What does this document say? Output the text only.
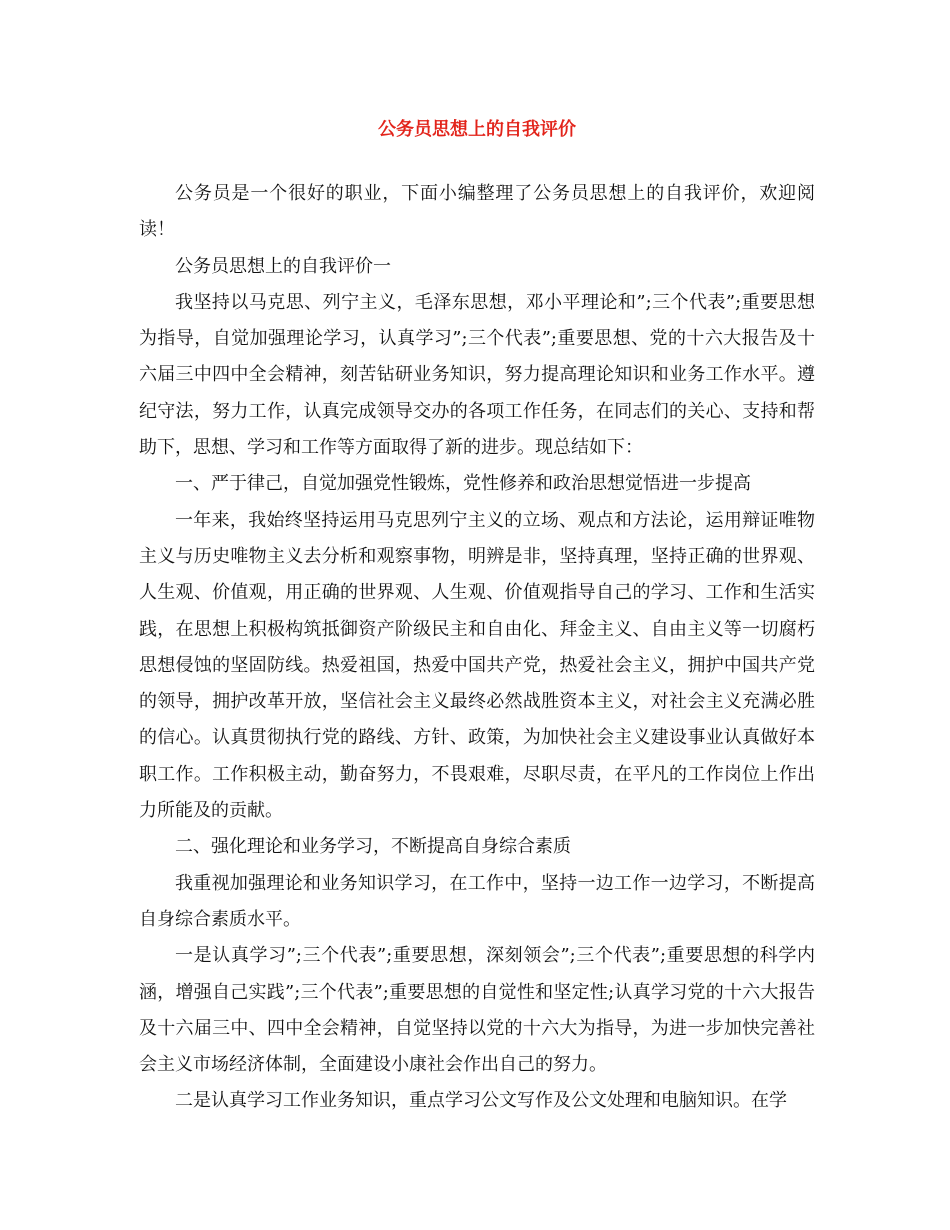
公务员思想上的自我评价

公务员是一个很好的职业，下面小编整理了公务员思想上的自我评价，欢迎阅读！

公务员思想上的自我评价一

我坚持以马克思、列宁主义，毛泽东思想，邓小平理论和”;三个代表”;重要思想为指导，自觉加强理论学习，认真学习”;三个代表”;重要思想、党的十六大报告及十六届三中四中全会精神，刻苦钻研业务知识，努力提高理论知识和业务工作水平。遵纪守法，努力工作，认真完成领导交办的各项工作任务，在同志们的关心、支持和帮助下，思想、学习和工作等方面取得了新的进步。现总结如下：

一、严于律己，自觉加强党性锻炼，党性修养和政治思想觉悟进一步提高

一年来，我始终坚持运用马克思列宁主义的立场、观点和方法论，运用辩证唯物主义与历史唯物主义去分析和观察事物，明辨是非，坚持真理，坚持正确的世界观、人生观、价值观，用正确的世界观、人生观、价值观指导自己的学习、工作和生活实践，在思想上积极构筑抵御资产阶级民主和自由化、拜金主义、自由主义等一切腐朽思想侵蚀的坚固防线。热爱祖国，热爱中国共产党，热爱社会主义，拥护中国共产党的领导，拥护改革开放，坚信社会主义最终必然战胜资本主义，对社会主义充满必胜的信心。认真贯彻执行党的路线、方针、政策，为加快社会主义建设事业认真做好本职工作。工作积极主动，勤奋努力，不畏艰难，尽职尽责，在平凡的工作岗位上作出力所能及的贡献。

二、强化理论和业务学习，不断提高自身综合素质

我重视加强理论和业务知识学习，在工作中，坚持一边工作一边学习，不断提高自身综合素质水平。

一是认真学习”;三个代表”;重要思想，深刻领会”;三个代表”;重要思想的科学内涵，增强自己实践”;三个代表”;重要思想的自觉性和坚定性;认真学习党的十六大报告及十六届三中、四中全会精神，自觉坚持以党的十六大为指导，为进一步加快完善社会主义市场经济体制，全面建设小康社会作出自己的努力。

二是认真学习工作业务知识，重点学习公文写作及公文处理和电脑知识。在学
